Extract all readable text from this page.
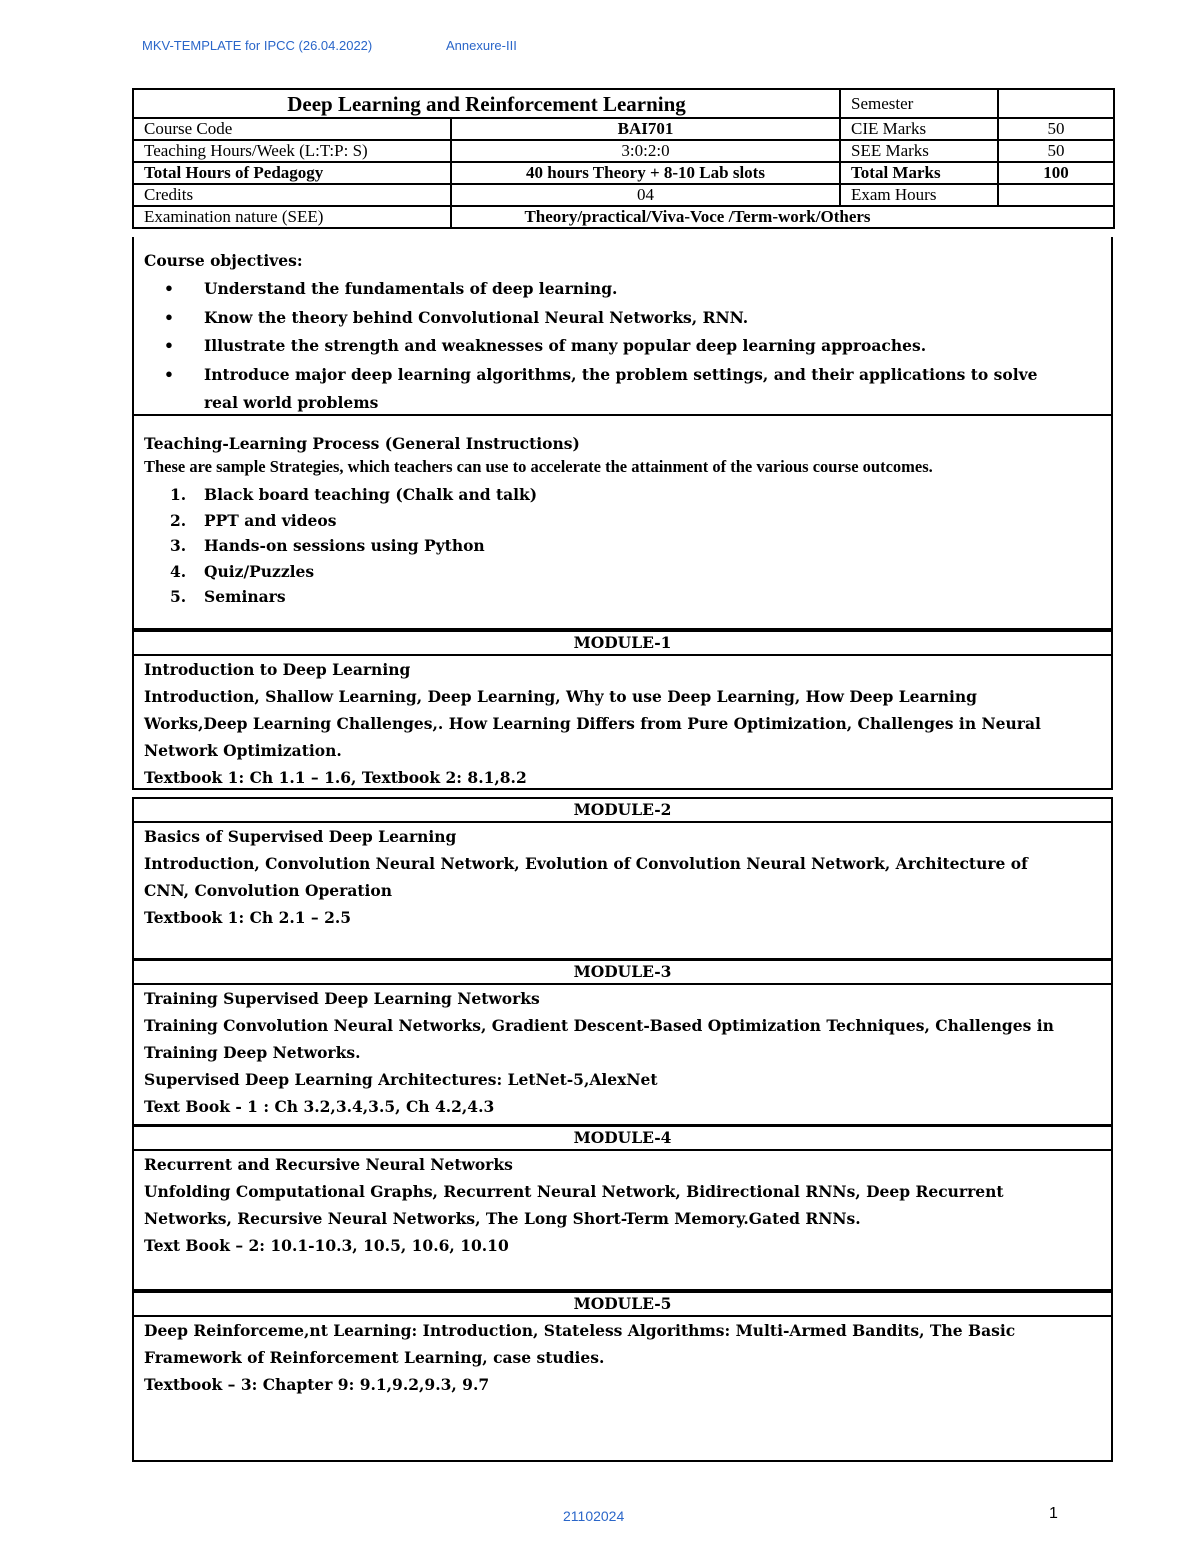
MKV-TEMPLATE for IPCC (26.04.2022)	Annexure-III
Deep Learning and Reinforcement Learning		Semester	
Course Code	BAI701	CIE Marks	50
Teaching Hours/Week (L:T:P: S)	3:0:2:0	SEE Marks	50
Total Hours of Pedagogy	40 hours Theory + 8-10 Lab slots	Total Marks	100
Credits	04	Exam Hours	
Examination nature (SEE)	Theory/practical/Viva-Voce /Term-work/Others		
Course objectives:
• Understand the fundamentals of deep learning.
• Know the theory behind Convolutional Neural Networks, RNN.
• Illustrate the strength and weaknesses of many popular deep learning approaches.
• Introduce major deep learning algorithms, the problem settings, and their applications to solve
real world problems
Teaching-Learning Process (General Instructions)
These are sample Strategies, which teachers can use to accelerate the attainment of the various course outcomes.
1. Black board teaching (Chalk and talk)
2. PPT and videos
3. Hands-on sessions using Python
4. Quiz/Puzzles
5. Seminars
MODULE-1
Introduction to Deep Learning
Introduction, Shallow Learning, Deep Learning, Why to use Deep Learning, How Deep Learning
Works,Deep Learning Challenges,. How Learning Differs from Pure Optimization, Challenges in Neural
Network Optimization.
Textbook 1: Ch 1.1 – 1.6, Textbook 2: 8.1,8.2
MODULE-2
Basics of Supervised Deep Learning
Introduction, Convolution Neural Network, Evolution of Convolution Neural Network, Architecture of
CNN, Convolution Operation
Textbook 1: Ch 2.1 – 2.5
MODULE-3
Training Supervised Deep Learning Networks
Training Convolution Neural Networks, Gradient Descent-Based Optimization Techniques, Challenges in
Training Deep Networks.
Supervised Deep Learning Architectures: LetNet-5,AlexNet
Text Book - 1 : Ch 3.2,3.4,3.5, Ch 4.2,4.3
MODULE-4
Recurrent and Recursive Neural Networks
Unfolding Computational Graphs, Recurrent Neural Network, Bidirectional RNNs, Deep Recurrent
Networks, Recursive Neural Networks, The Long Short-Term Memory.Gated RNNs.
Text Book – 2: 10.1-10.3, 10.5, 10.6, 10.10
MODULE-5
Deep Reinforceme,nt Learning: Introduction, Stateless Algorithms: Multi-Armed Bandits, The Basic
Framework of Reinforcement Learning, case studies.
Textbook – 3: Chapter 9: 9.1,9.2,9.3, 9.7
21102024	1
